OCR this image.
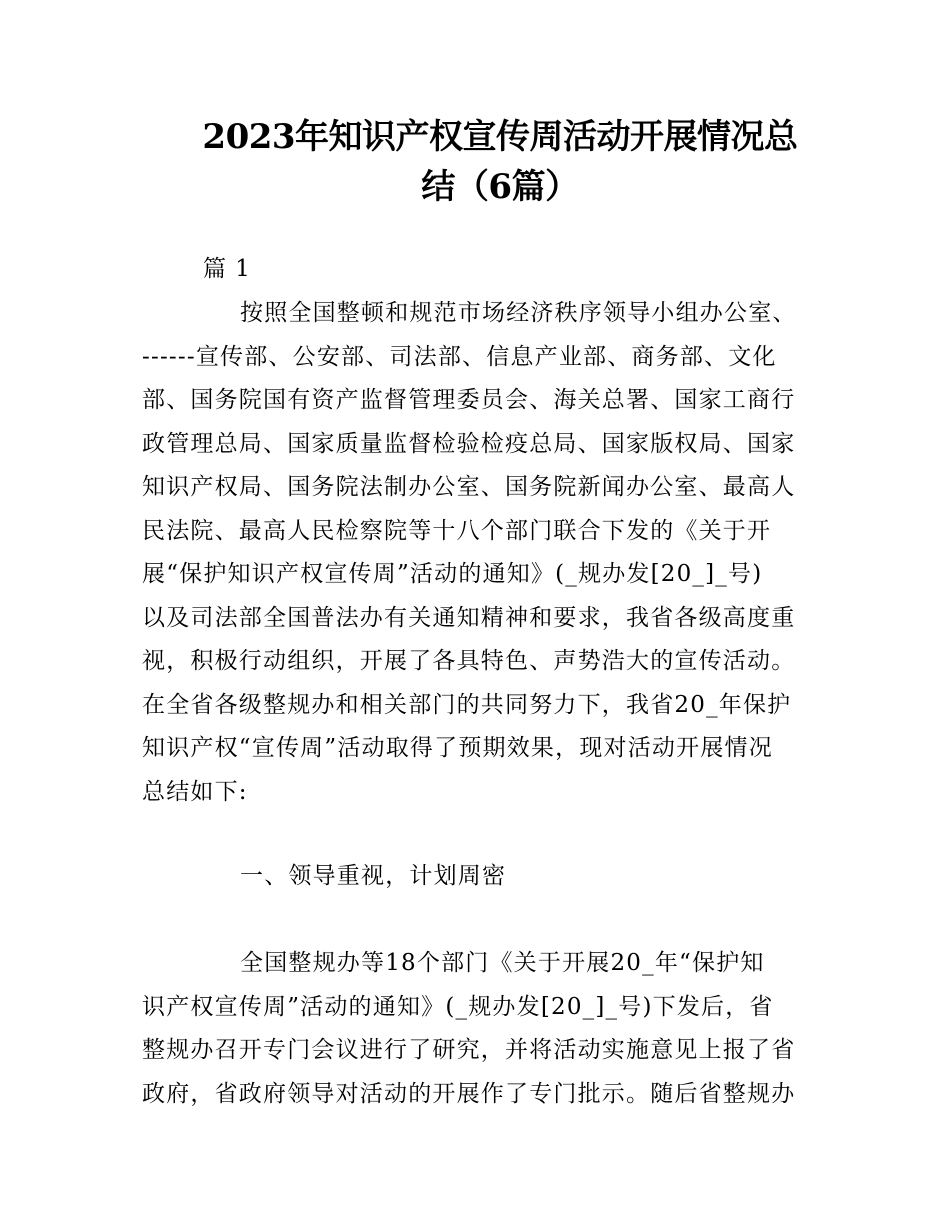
2023年知识产权宣传周活动开展情况总
结（6篇）
篇 1

按照全国整顿和规范市场经济秩序领导小组办公室、
------宣传部、公安部、司法部、信息产业部、商务部、文化
部、国务院国有资产监督管理委员会、海关总署、国家工商行
政管理总局、国家质量监督检验检疫总局、国家版权局、国家
知识产权局、国务院法制办公室、国务院新闻办公室、最高人
民法院、最高人民检察院等十八个部门联合下发的《关于开
展“保护知识产权宣传周”活动的通知》(_规办发[20_]_号)
以及司法部全国普法办有关通知精神和要求，我省各级高度重
视，积极行动组织，开展了各具特色、声势浩大的宣传活动。
在全省各级整规办和相关部门的共同努力下，我省20_年保护
知识产权“宣传周”活动取得了预期效果，现对活动开展情况
总结如下:

一、领导重视，计划周密

全国整规办等18个部门《关于开展20_年“保护知
识产权宣传周”活动的通知》(_规办发[20_]_号)下发后，省
整规办召开专门会议进行了研究，并将活动实施意见上报了省
政府，省政府领导对活动的开展作了专门批示。随后省整规办
